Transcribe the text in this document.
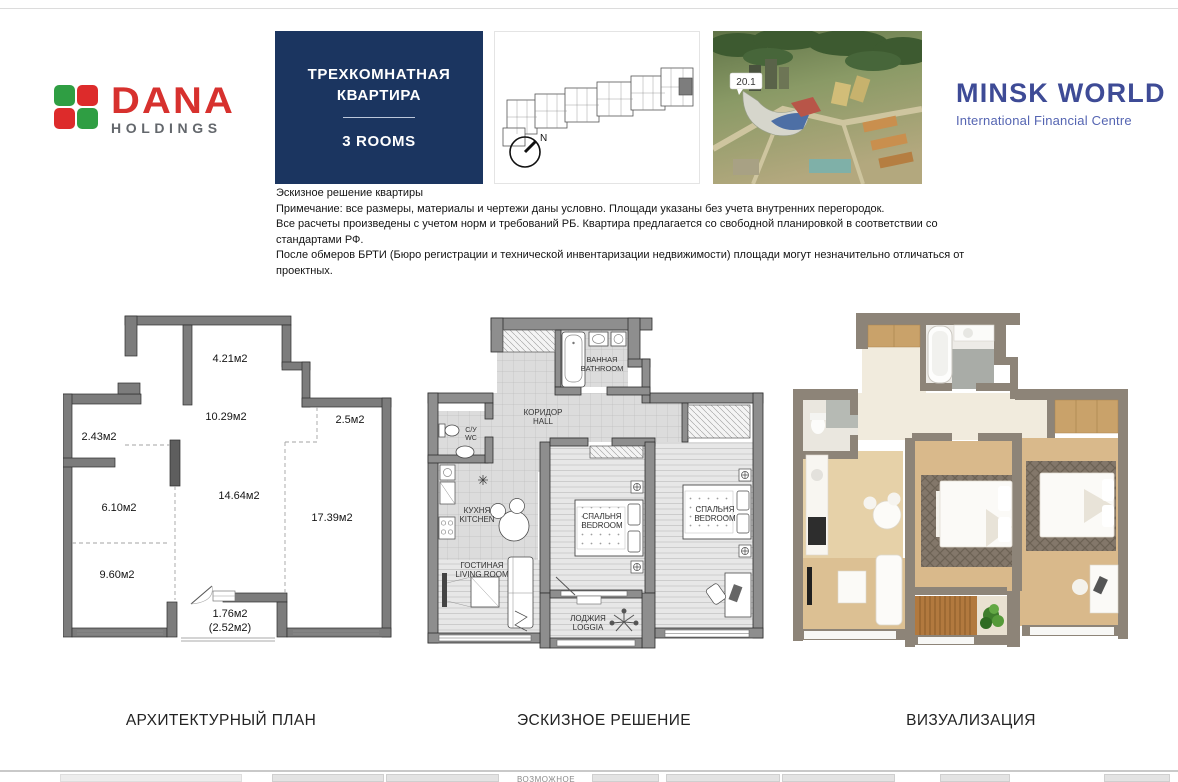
DANA
HOLDINGS
ТРЕХКОМНАТНАЯ
КВАРТИРА
3 ROOMS	N
20.1	MINSK WORLD
International Financial Centre
Эскизное решение квартиры
Примечание: все размеры, материалы и чертежи даны условно. Площади указаны без учета внутренних перегородок.
Все расчеты произведены с учетом норм и требований РБ. Квартира предлагается со свободной планировкой в соответствии со стандартами РФ.
После обмеров БРТИ (Бюро регистрации и технической инвентаризации недвижимости) площади могут незначительно отличаться от проектных.
4.21м2
10.29м2	2.5м2
2.43м2
14.64м2
6.10м2
17.39м2
9.60м2
1.76м2
(2.52м2)
ВАННАЯ
BATHROOM
КОРИДОР
HALL
С/У
WC
КУХНЯ
KITCHEN	СПАЛЬНЯ
BEDROOM
СПАЛЬНЯ
BEDROOM
ГОСТИНАЯ
LIVING ROOM
ЛОДЖИЯ
LOGGIA
АРХИТЕКТУРНЫЙ ПЛАН	ЭСКИЗНОЕ РЕШЕНИЕ	ВИЗУАЛИЗАЦИЯ
ВОЗМОЖНОЕ
